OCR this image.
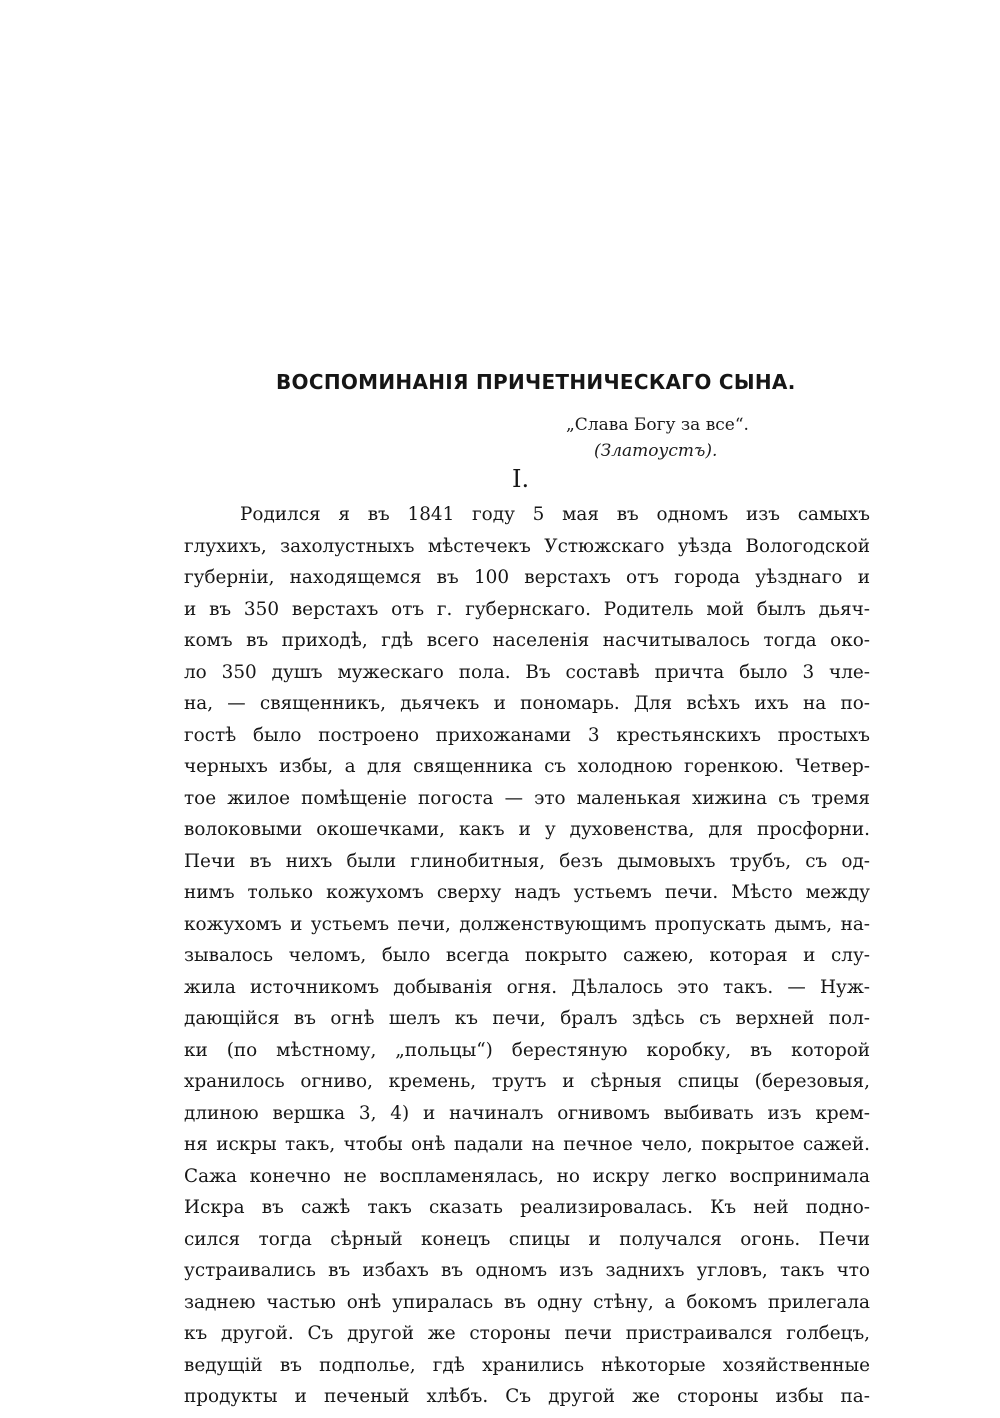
ВОСПОМИНАНІЯ ПРИЧЕТНИЧЕСКАГО СЫНА.
„Слава Богу за все“.
(Златоустъ).
I.
Родился я въ 1841 году 5 мая въ одномъ изъ самыхъ
глухихъ, захолустныхъ мѣстечекъ Устюжскаго уѣзда Вологодской
губерніи, находящемся въ 100 верстахъ отъ города уѣзднаго и
и въ 350 верстахъ отъ г. губернскаго. Родитель мой былъ дьяч-
комъ въ приходѣ, гдѣ всего населенія насчитывалось тогда око-
ло 350 душъ мужескаго пола. Въ составѣ причта было 3 чле-
на, — священникъ, дьячекъ и пономарь. Для всѣхъ ихъ на по-
гостѣ было построено прихожанами 3 крестьянскихъ простыхъ
черныхъ избы, а для священника съ холодною горенкою. Четвер-
тое жилое помѣщеніе погоста — это маленькая хижина съ тремя
волоковыми окошечками, какъ и у духовенства, для просфорни.
Печи въ нихъ были глинобитныя, безъ дымовыхъ трубъ, съ од-
нимъ только кожухомъ сверху надъ устьемъ печи. Мѣсто между
кожухомъ и устьемъ печи, долженствующимъ пропускать дымъ, на-
зывалось челомъ, было всегда покрыто сажею, которая и слу-
жила источникомъ добыванія огня. Дѣлалось это такъ. — Нуж-
дающійся въ огнѣ шелъ къ печи, бралъ здѣсь съ верхней пол-
ки (по мѣстному, „польцы“) берестяную коробку, въ которой
хранилось огниво, кремень, трутъ и сѣрныя спицы (березовыя,
длиною вершка 3, 4) и начиналъ огнивомъ выбивать изъ крем-
ня искры такъ, чтобы онѣ падали на печное чело, покрытое сажей.
Сажа конечно не воспламенялась, но искру легко воспринимала
Искра въ сажѣ такъ сказать реализировалась. Къ ней подно-
сился тогда сѣрный конецъ спицы и получался огонь. Печи
устраивались въ избахъ въ одномъ изъ заднихъ угловъ, такъ что
заднею частью онѣ упиралась въ одну стѣну, а бокомъ прилегала
къ другой. Съ другой же стороны печи пристраивался голбецъ,
ведущій въ подполье, гдѣ хранились нѣкоторые хозяйственные
продукты и печеный хлѣбъ. Съ другой же стороны избы па-
